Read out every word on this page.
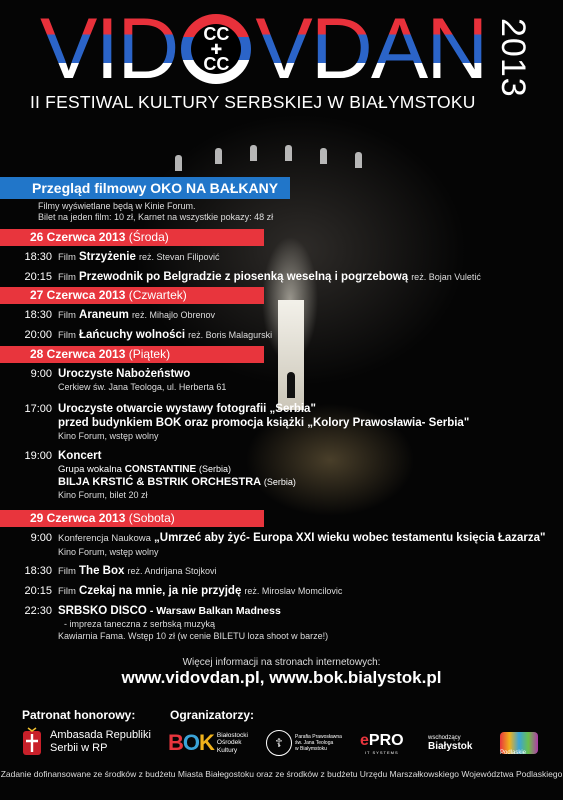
VID CC
✚
CC VDAN 2013
II FESTIWAL KULTURY SERBSKIEJ W BIAŁYMSTOKU
Przegląd filmowy OKO NA BAŁKANY
Filmy wyświetlane będą w Kinie Forum.
Bilet na jeden film: 10 zł, Karnet na wszystkie pokazy: 48 zł
26 Czerwca 2013 (Środa)
18:30 Film Strzyżenie reż. Stevan Filipović
20:15 Film Przewodnik po Belgradzie z piosenką weselną i pogrzebową reż. Bojan Vuletić
27 Czerwca 2013 (Czwartek)
18:30 Film Araneum reż. Mihajlo Obrenov
20:00 Film Łańcuchy wolności reż. Boris Malagurski
28 Czerwca 2013 (Piątek)
9:00 Uroczyste Nabożeństwo
Cerkiew św. Jana Teologa, ul. Herberta 61
17:00 Uroczyste otwarcie wystawy fotografii „Serbia"
przed budynkiem BOK oraz promocja książki „Kolory Prawosławia- Serbia"
Kino Forum, wstęp wolny
19:00 Koncert
Grupa wokalna CONSTANTINE (Serbia)
BILJA KRSTIĆ & BSTRIK ORCHESTRA (Serbia)
Kino Forum, bilet 20 zł
29 Czerwca 2013 (Sobota)
9:00 Konferencja Naukowa „Umrzeć aby żyć- Europa XXI wieku wobec testamentu księcia Łazarza"
Kino Forum, wstęp wolny
18:30 Film The Box reż. Andrijana Stojkovi
20:15 Film Czekaj na mnie, ja nie przyjdę reż. Miroslav Momcilovic
22:30 SRBSKO DISCO - Warsaw Balkan Madness
- impreza taneczna z serbską muzyką
Kawiarnia Fama. Wstęp 10 zł (w cenie BILETU loza shoot w barze!)
Więcej informacji na stronach internetowych:
www.vidovdan.pl, www.bok.bialystok.pl
Patronat honorowy:
Ambasada Republiki
Serbii w RP
Ogranizatorzy:
BOK Białostocki
Ośrodek
Kultury
☦	Parafia Prawosławna
św. Jana Teologa
w Białymstoku
ePRO
IT SYSTEMS
wschodzący
Białystok
Podlaskie
Zadanie dofinansowane ze środków z budżetu Miasta Białegostoku oraz ze środków z budżetu Urzędu Marszałkowskiego Województwa Podlaskiego
